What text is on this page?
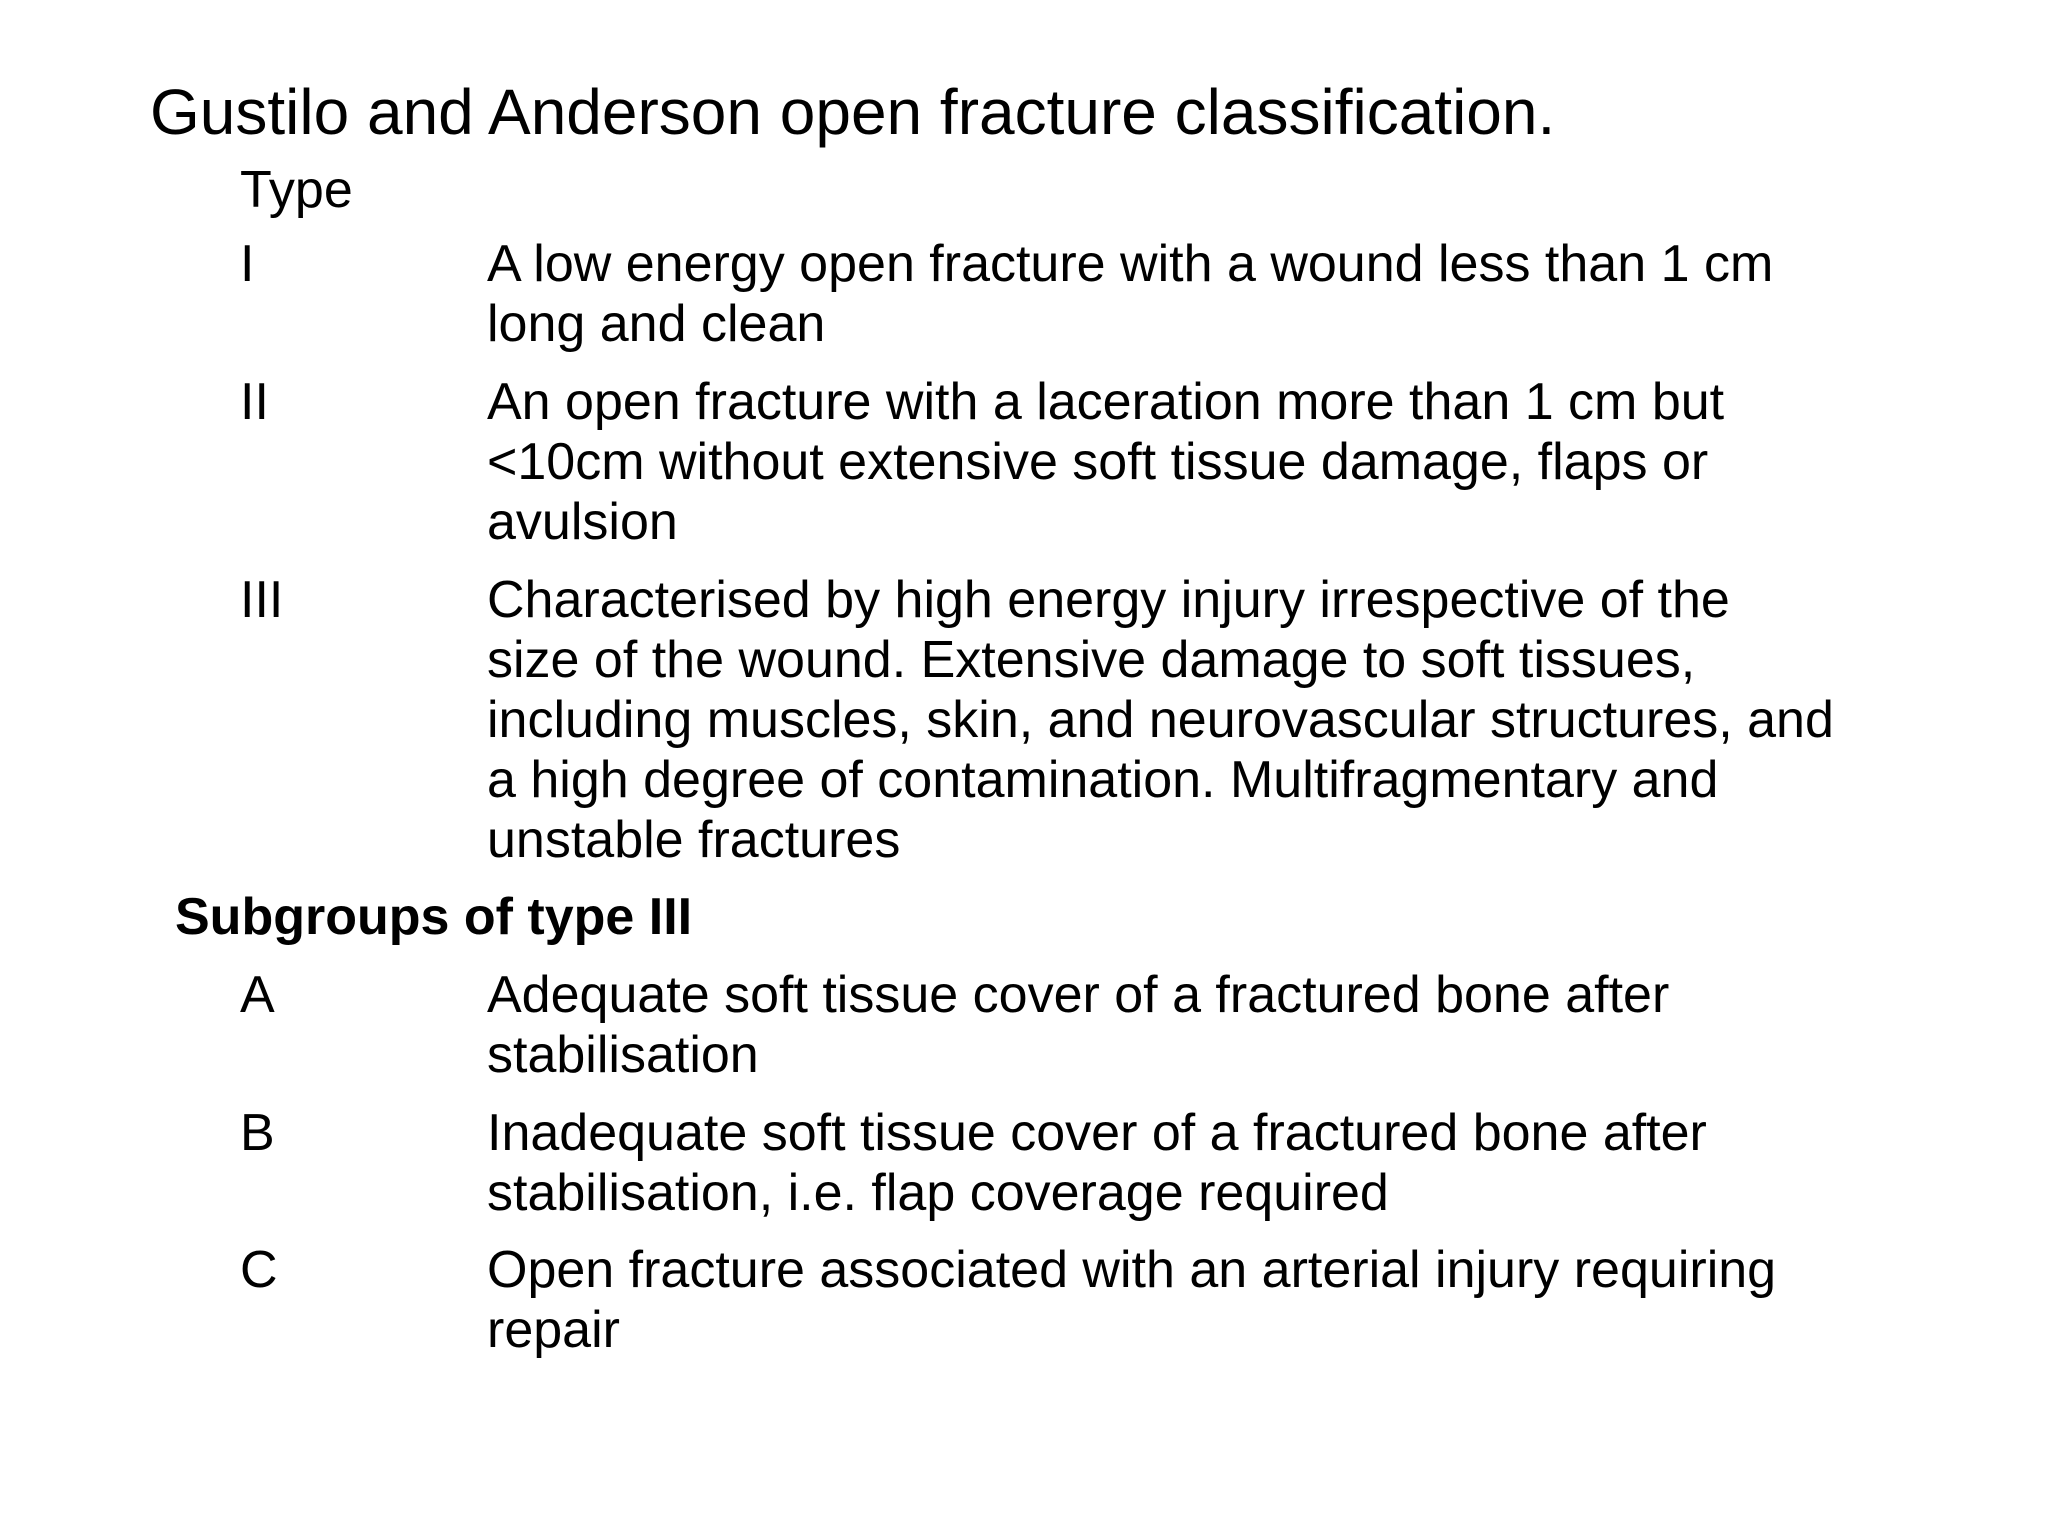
Gustilo and Anderson open fracture classification.
Type
I	A low energy open fracture with a wound less than 1 cm
long and clean
II	An open fracture with a laceration more than 1 cm but
<10cm without extensive soft tissue damage, flaps or
avulsion
III	Characterised by high energy injury irrespective of the
size of the wound. Extensive damage to soft tissues,
including muscles, skin, and neurovascular structures, and
a high degree of contamination. Multifragmentary and
unstable fractures
Subgroups of type III
A	Adequate soft tissue cover of a fractured bone after
stabilisation
B	Inadequate soft tissue cover of a fractured bone after
stabilisation, i.e. flap coverage required
C	Open fracture associated with an arterial injury requiring
repair
